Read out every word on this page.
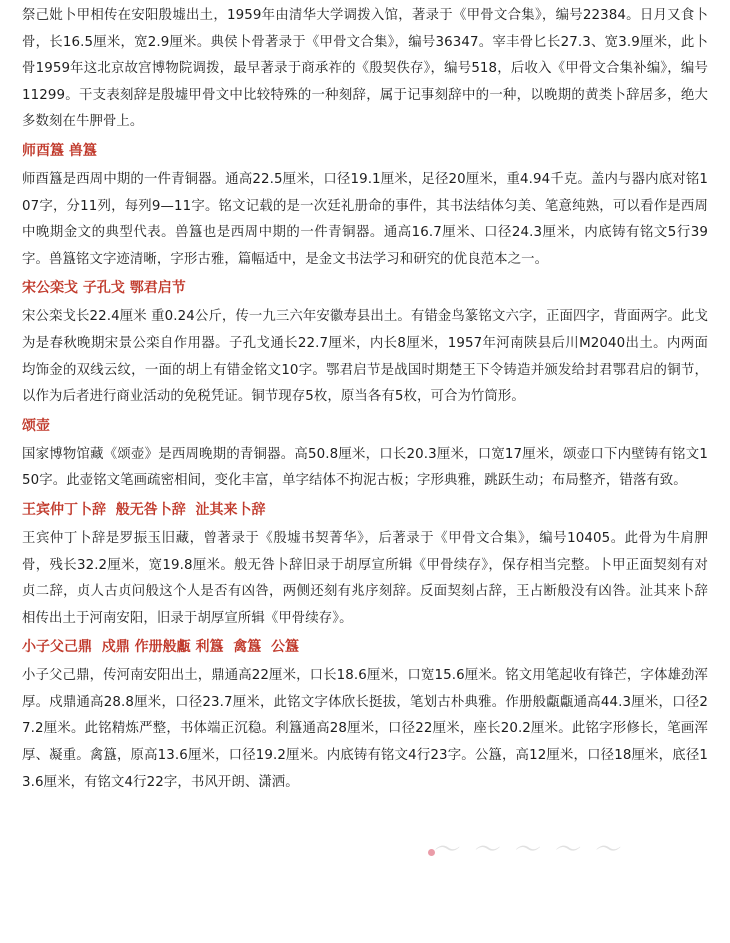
祭己妣卜甲相传在安阳殷墟出土，1959年由清华大学调拨入馆，著录于《甲骨文合集》，编号22384。日月又食卜骨，长16.5厘米，宽2.9厘米。典侯卜骨著录于《甲骨文合集》，编号36347。宰丰骨匕长27.3、宽3.9厘米，此卜骨1959年这北京故宫博物院调拨，最早著录于商承祚的《殷契佚存》，编号518，后收入《甲骨文合集补编》，编号11299。干支表刻辞是殷墟甲骨文中比较特殊的一种刻辞，属于记事刻辞中的一种，以晚期的黄类卜辞居多，绝大多数刻在牛胛骨上。

师酉簋 兽簋

师酉簋是西周中期的一件青铜器。通高22.5厘米，口径19.1厘米，足径20厘米，重4.94千克。盖内与器内底对铭107字，分11列，每列9—11字。铭文记载的是一次廷礼册命的事件，其书法结体匀美、笔意纯熟，可以看作是西周中晚期金文的典型代表。兽簋也是西周中期的一件青铜器。通高16.7厘米、口径24.3厘米，内底铸有铭文5行39字。兽簋铭文字迹清晰，字形古雅，篇幅适中，是金文书法学习和研究的优良范本之一。

宋公栾戈 子孔戈 鄂君启节

宋公栾戈长22.4厘米 重0.24公斤，传一九三六年安徽寿县出土。有错金鸟篆铭文六字，正面四字，背面两字。此戈为是春秋晚期宋景公栾自作用器。子孔戈通长22.7厘米，内长8厘米，1957年河南陕县后川M2040出土。内两面均饰金的双线云纹，一面的胡上有错金铭文10字。鄂君启节是战国时期楚王下令铸造并颁发给封君鄂君启的铜节，以作为后者进行商业活动的免税凭证。铜节现存5枚，原当各有5枚，可合为竹筒形。

颂壶

国家博物馆藏《颂壶》是西周晚期的青铜器。高50.8厘米，口长20.3厘米，口宽17厘米，颂壶口下内壁铸有铭文150字。此壶铭文笔画疏密相间，变化丰富，单字结体不拘泥古板；字形典雅，跳跃生动；布局整齐，错落有致。

王宾仲丁卜辞  般无咎卜辞  沚其来卜辞

王宾仲丁卜辞是罗振玉旧藏，曾著录于《殷墟书契菁华》，后著录于《甲骨文合集》，编号10405。此骨为牛肩胛骨，残长32.2厘米，宽19.8厘米。般无咎卜辞旧录于胡厚宣所辑《甲骨续存》，保存相当完整。卜甲正面契刻有对贞二辞，贞人古贞问般这个人是否有凶咎，两侧还刻有兆序刻辞。反面契刻占辞，王占断般没有凶咎。沚其来卜辞相传出土于河南安阳，旧录于胡厚宣所辑《甲骨续存》。

小子父己鼎  戍鼎 作册般甗 利簋  禽簋  公簋

小子父己鼎，传河南安阳出土，鼎通高22厘米，口长18.6厘米，口宽15.6厘米。铭文用笔起收有锋芒，字体雄劲浑厚。戍鼎通高28.8厘米，口径23.7厘米，此铭文字体欣长挺拔，笔划古朴典雅。作册般甗甗通高44.3厘米，口径27.2厘米。此铭精炼严整，书体端正沉稳。利簋通高28厘米，口径22厘米，座长20.2厘米。此铭字形修长，笔画浑厚、凝重。禽簋，原高13.6厘米，口径19.2厘米。内底铸有铭文4行23字。公簋，高12厘米，口径18厘米，底径13.6厘米，有铭文4行22字，书风开朗、潇洒。

～ ～ ～ ～ ～
